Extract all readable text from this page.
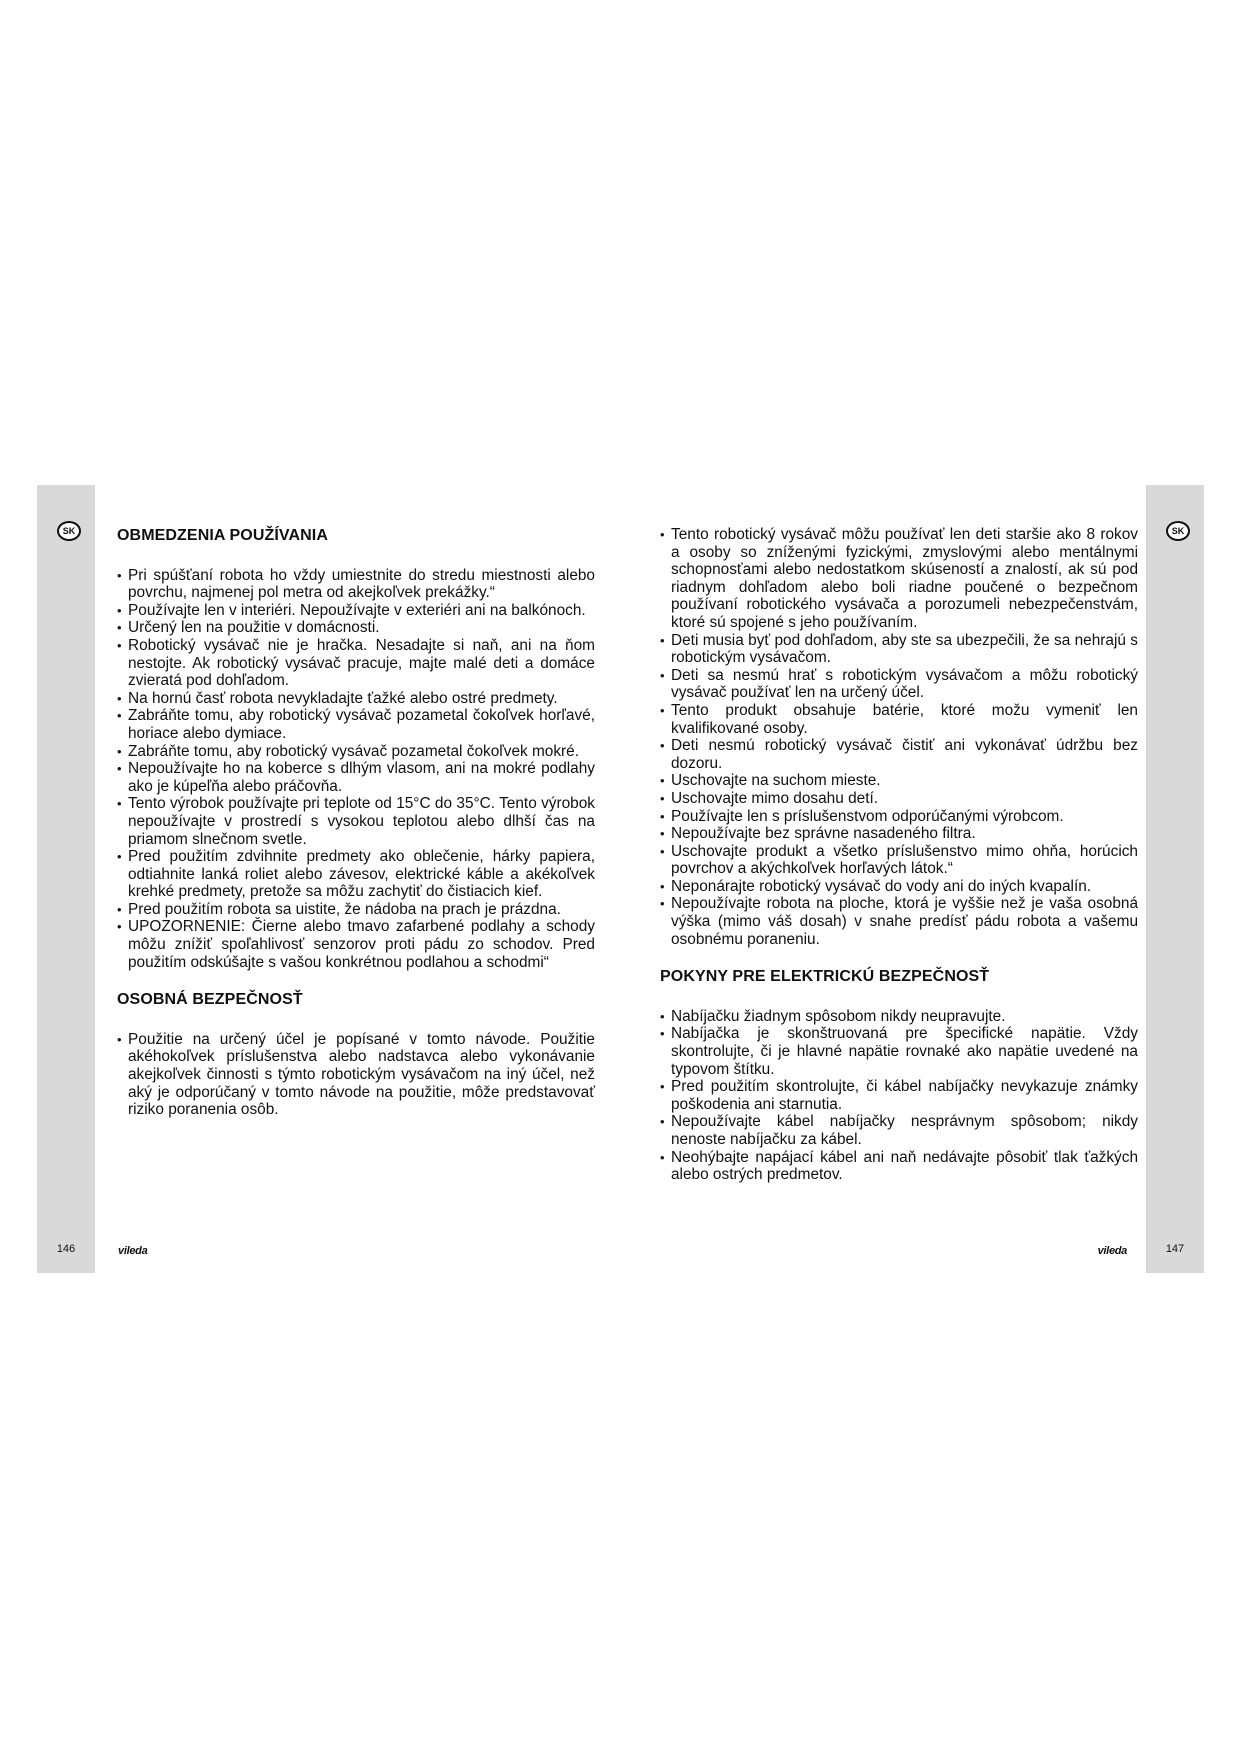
SK
146
SK
147
OBMEDZENIA POUŽÍVANIA
• Pri spúšťaní robota ho vždy umiestnite do stredu miestnosti alebo povrchu, najmenej pol metra od akejkoľvek prekážky.“
• Používajte len v interiéri. Nepoužívajte v exteriéri ani na balkónoch.
• Určený len na použitie v domácnosti.
• Robotický vysávač nie je hračka. Nesadajte si naň, ani na ňom nestojte. Ak robotický vysávač pracuje, majte malé deti a domáce zvieratá pod dohľadom.
• Na hornú časť robota nevykladajte ťažké alebo ostré predmety.
• Zabráňte tomu, aby robotický vysávač pozametal čokoľvek horľavé, horiace alebo dymiace.
• Zabráňte tomu, aby robotický vysávač pozametal čokoľvek mokré.
• Nepoužívajte ho na koberce s dlhým vlasom, ani na mokré podlahy ako je kúpeľňa alebo práčovňa.
• Tento výrobok používajte pri teplote od 15°C do 35°C. Tento výrobok nepoužívajte v prostredí s vysokou teplotou alebo dlhší čas na priamom slnečnom svetle.
• Pred použitím zdvihnite predmety ako oblečenie, hárky papiera, odtiahnite lanká roliet alebo závesov, elektrické káble a akékoľvek krehké predmety, pretože sa môžu zachytiť do čistiacich kief.
• Pred použitím robota sa uistite, že nádoba na prach je prázdna.
• UPOZORNENIE: Čierne alebo tmavo zafarbené podlahy a schody môžu znížiť spoľahlivosť senzorov proti pádu zo schodov. Pred použitím odskúšajte s vašou konkrétnou podlahou a schodmi“
OSOBNÁ BEZPEČNOSŤ
• Použitie na určený účel je popísané v tomto návode. Použitie akéhokoľvek príslušenstva alebo nadstavca alebo vykonávanie akejkoľvek činnosti s týmto robotickým vysávačom na iný účel, než aký je odporúčaný v tomto návode na použitie, môže predstavovať riziko poranenia osôb.
• Tento robotický vysávač môžu používať len deti staršie ako 8 rokov a osoby so zníženými fyzickými, zmyslovými alebo mentálnymi schopnosťami alebo nedostatkom skúseností a znalostí, ak sú pod riadnym dohľadom alebo boli riadne poučené o bezpečnom používaní robotického vysávača a porozumeli nebezpečenstvám, ktoré sú spojené s jeho používaním.
• Deti musia byť pod dohľadom, aby ste sa ubezpečili, že sa nehrajú s robotickým vysávačom.
• Deti sa nesmú hrať s robotickým vysávačom a môžu robotický vysávač používať len na určený účel.
• Tento produkt obsahuje batérie, ktoré možu vymeniť len kvalifikované osoby.
• Deti nesmú robotický vysávač čistiť ani vykonávať údržbu bez dozoru.
• Uschovajte na suchom mieste.
• Uschovajte mimo dosahu detí.
• Používajte len s príslušenstvom odporúčanými výrobcom.
• Nepoužívajte bez správne nasadeného filtra.
• Uschovajte produkt a všetko príslušenstvo mimo ohňa, horúcich povrchov a akýchkoľvek horľavých látok.“
• Neponárajte robotický vysávač do vody ani do iných kvapalín.
• Nepoužívajte robota na ploche, ktorá je vyššie než je vaša osobná výška (mimo váš dosah) v snahe predísť pádu robota a vašemu osobnému poraneniu.
POKYNY PRE ELEKTRICKÚ BEZPEČNOSŤ
• Nabíjačku žiadnym spôsobom nikdy neupravujte.
• Nabíjačka je skonštruovaná pre špecifické napätie. Vždy skontrolujte, či je hlavné napätie rovnaké ako napätie uvedené na typovom štítku.
• Pred použitím skontrolujte, či kábel nabíjačky nevykazuje známky poškodenia ani starnutia.
• Nepoužívajte kábel nabíjačky nesprávnym spôsobom; nikdy nenoste nabíjačku za kábel.
• Neohýbajte napájací kábel ani naň nedávajte pôsobiť tlak ťažkých alebo ostrých predmetov.
vileda	vileda
